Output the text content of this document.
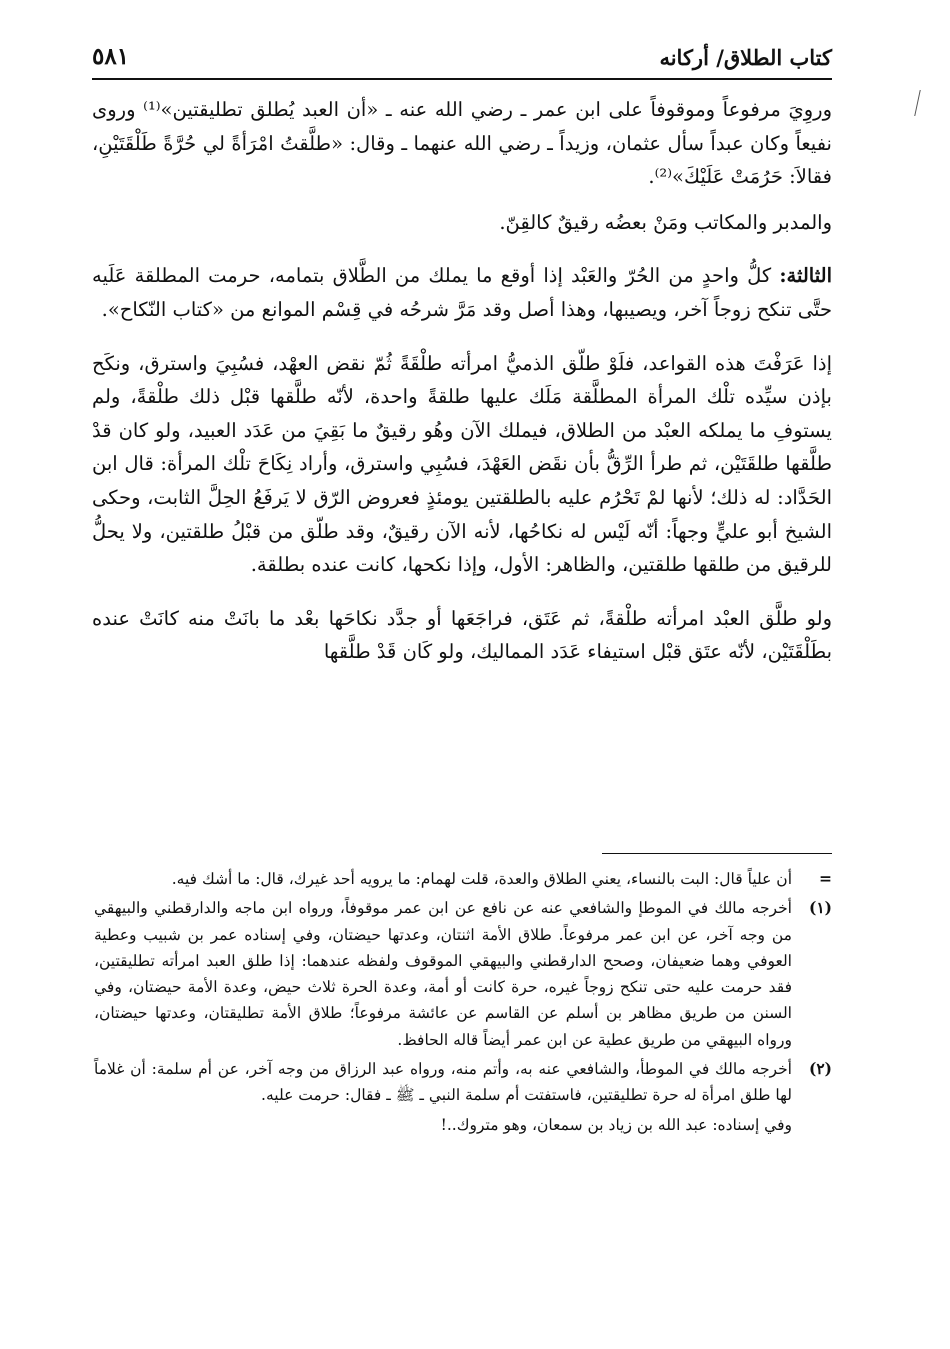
كتاب الطلاق/ أركانه
٥٨١

وروِيَ مرفوعاً وموقوفاً على ابن عمر ـ رضي الله عنه ـ «أن العبد يُطلق تطليقتين»⁽¹⁾ وروى نفيعاً وكان عبداً سأل عثمان، وزيداً ـ رضي الله عنهما ـ وقال: «طلَّقتُ امْرَأةً لي حُرَّةً طَلْقَتَيْنِ، فقالاَ: حَرُمَتْ عَلَيْكَ»⁽²⁾.

والمدبر والمكاتب ومَنْ بعضُه رقيقٌ كالقِنّ.

الثالثة: كلُّ واحدٍ من الحُرّ والعَبْد إذا أوقع ما يملك من الطَّلاق بتمامه، حرمت المطلقة عَلَيه حتَّى تنكح زوجاً آخر، ويصيبها، وهذا أصل وقد مَرَّ شرحُه في قِسْم الموانع من «كتاب النّكاح».

إذا عَرَفْتَ هذه القواعد، فلَوْ طلّق الذميُّ امرأته طلْقَةً ثُمّ نقض العهْد، فسُبِيَ واسترق، ونكَح بإذن سيِّده تلْك المرأة المطلَّقة مَلَك عليها طلقةً واحدة، لأنّه طلَّقها قبْل ذلك طلْقةً، ولم يستوفِ ما يملكه العبْد من الطلاق، فيملك الآن وهُو رقيقٌ ما بَقِيَ من عَدَد العبيد، ولو كان قدْ طلَّقها طلقَتَيْن، ثم طرأ الرِّقُّ بأن نقَض العَهْدَ، فسُبِي واسترق، وأراد نِكَاحَ تلْك المرأة: قال ابن الحَدَّاد: له ذلك؛ لأنها لمْ تَحْرُم عليه بالطلقتين يومئذٍ فعروض الرّق لا يَرفَعُ الحِلَّ الثابت، وحكى الشيخ أبو عليٍّ وجهاً: أنّه لَيْس له نكاحُها، لأنه الآن رقيقٌ، وقد طلّق من قبْلُ طلقتين، ولا يحلُّ للرقيق من طلقها طلقتين، والظاهر: الأول، وإذا نكحها، كانت عنده بطلقة.

ولو طلَّق العبْد امرأته طلْقةً، ثم عَتَق، فراجَعَها أو جدَّد نكاحَها بعْد ما بانَتْ منه كانَتْ عنده بطَلْقَتَيْن، لأنّه عتَق قبْل استيفاء عَدَد المماليك، ولو كَان قَدْ طلَّقها

=
أن علياً قال: البت بالنساء، يعني الطلاق والعدة، قلت لهمام: ما يرويه أحد غيرك، قال: ما أشك فيه.
(١)
أخرجه مالك في الموطإ والشافعي عنه عن نافع عن ابن عمر موقوفاً، ورواه ابن ماجه والدارقطني والبيهقي من وجه آخر، عن ابن عمر مرفوعاً. طلاق الأمة اثنتان، وعدتها حيضتان، وفي إسناده عمر بن شبيب وعطية العوفي وهما ضعيفان، وصحح الدارقطني والبيهقي الموقوف ولفظه عندهما: إذا طلق العبد امرأته تطليقتين، فقد حرمت عليه حتى تنكح زوجاً غيره، حرة كانت أو أمة، وعدة الحرة ثلاث حيض، وعدة الأمة حيضتان، وفي السنن من طريق مظاهر بن أسلم عن القاسم عن عائشة مرفوعاً؛ طلاق الأمة تطليقتان، وعدتها حيضتان، ورواه البيهقي من طريق عطية عن ابن عمر أيضاً قاله الحافظ.
(٢)
أخرجه مالك في الموطأ، والشافعي عنه به، وأتم منه، ورواه عبد الرزاق من وجه آخر، عن أم سلمة: أن غلاماً لها طلق امرأة له حرة تطليقتين، فاستفتت أم سلمة النبي ـ ﷺ ـ فقال: حرمت عليه.
وفي إسناده: عبد الله بن زياد بن سمعان، وهو متروك..!
